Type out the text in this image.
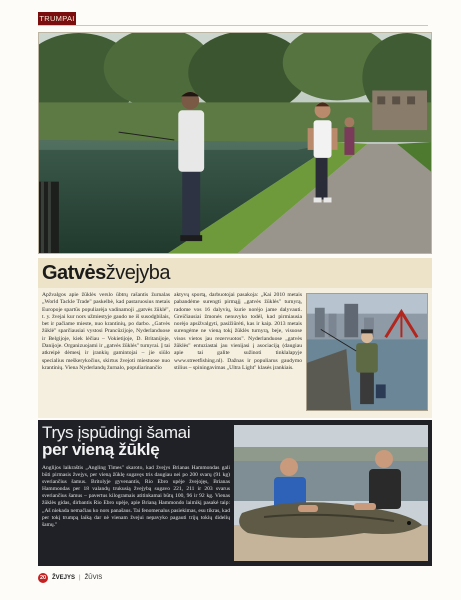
TRUMPAI
Gatvės žvejyba
Apžvalgos apie žūklės verslo ūbtrų rašantis žurnalas „World Tackle Trade" paskelbė, kad pastaruosius metais Europoje spartūs populiarėja vadinamoji „gatvės žūklė", t. y. žvejai kur nors užmiestyje gaudo ne iš susodgbilais, bet ir pačiame mieste, nuo krantinių, po darbo. „Gatvės žūklė" sparčiausiai vystosi Prancūzijoje, Nyderlanduose ir Belgijoje, kiek lėčiau – Vokietijoje, D. Britanijoje, Danijoje. Organizuojami ir „gatvės žūklės" turnyrai. Į tai atkreipė dėmesį ir įrankių gamintojai – jie siūlo specialius meškerykočius, skirtus žvejoti miestuose nuo krantinių. Viena Nyderlandų žurnalo, populiarinančio
aktyvų sportą, darbuotojai pasakoja: „Kai 2010 metais pabandėme surengti pirmąjį „gatvės žūklės" turnyrą, radome vos 16 dalyvių, kurie norėjo jame dalyvauti. Greičiausiai žmonės nenuvyko todėl, kad pirmiausia norėjo apsižvalgyti, pasižiūrėti, kas ir kaip. 2013 metais surengėme ne vieną tokį žūklės turnyrą, beje, visuose visos vietos jau rezervuotos". Nyderlanduose „gatvės žūklės" entuziastai jau vienijasi į asociaciją (daugiau apie tai galite sužinoti tinklalapyje www.streetfishing.nl). Dažnas ir populiarus gaudymo stilius – spiningavimas „Ultra Light" klasės įrankiais.
Trys įspūdingi šamai
per vieną žūklę
Anglijos laikraštis „Angling Times" skaroto, kad žvejys Brianas Hammondas gali būti pirmasis žvejys, per vieną žūklę sugavęs tris daugiau nei po 200 svarų (91 kg) sveriančius šamus. Britolyje gyvenantis, Rio Ebro upėje žvejojęs, Brianas Hammondas per 18 valandų trukusią žvejybą sugavo 221, 211 ir 203 svarus sveriančius šamus – pavertus kilogramais atitinkamai būtų 100, 96 ir 92 kg. Vienas žūklės gidas, dirbantis Rio Ebro upėje, apie Brianą Hammondo laimikį pasakė taip: „Aš niekada nemačiau ko nors panašaus. Tai fenomenalus pasiekimas, esu tikras, kad per tokį trumpą laiką dar nė vienam žvejui nepavyko pagauti trijų tokių didelių šamų."
20 ŽVEJYS | ŽŪVIS
